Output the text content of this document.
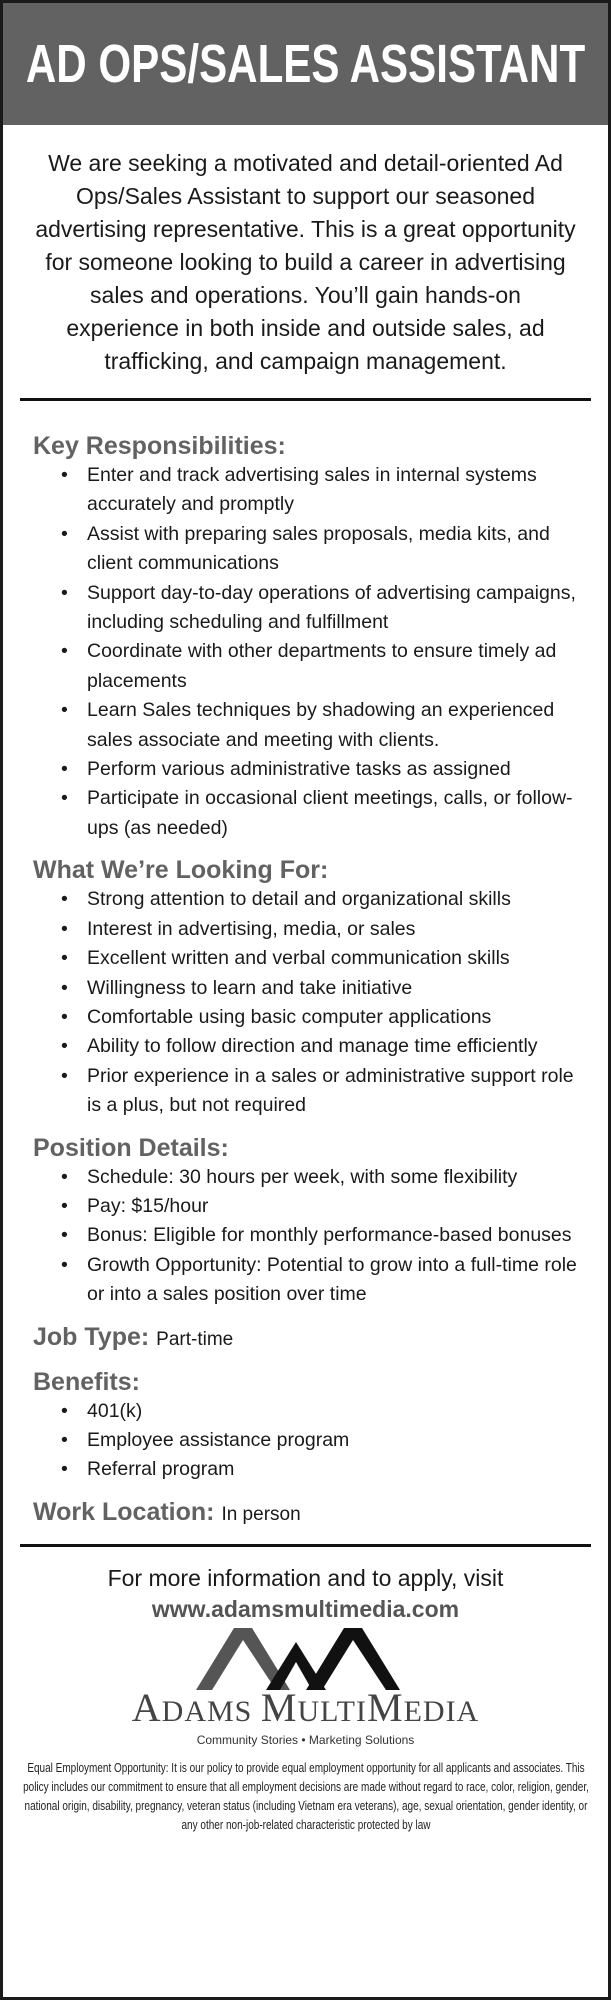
AD OPS/SALES ASSISTANT

We are seeking a motivated and detail-oriented Ad Ops/Sales Assistant to support our seasoned advertising representative. This is a great opportunity for someone looking to build a career in advertising sales and operations. You’ll gain hands-on experience in both inside and outside sales, ad trafficking, and campaign management.

Key Responsibilities:
• Enter and track advertising sales in internal systems accurately and promptly
• Assist with preparing sales proposals, media kits, and client communications
• Support day-to-day operations of advertising campaigns, including scheduling and fulfillment
• Coordinate with other departments to ensure timely ad placements
• Learn Sales techniques by shadowing an experienced sales associate and meeting with clients.
• Perform various administrative tasks as assigned
• Participate in occasional client meetings, calls, or follow-ups (as needed)
What We’re Looking For:
• Strong attention to detail and organizational skills
• Interest in advertising, media, or sales
• Excellent written and verbal communication skills
• Willingness to learn and take initiative
• Comfortable using basic computer applications
• Ability to follow direction and manage time efficiently
• Prior experience in a sales or administrative support role is a plus, but not required
Position Details:
• Schedule: 30 hours per week, with some flexibility
• Pay: $15/hour
• Bonus: Eligible for monthly performance-based bonuses
• Growth Opportunity: Potential to grow into a full-time role or into a sales position over time
Job Type: Part-time
Benefits:
• 401(k)
• Employee assistance program
• Referral program
Work Location: In person
For more information and to apply, visit
www.adamsmultimedia.com
ADAMS MULTIMEDIA
Community Stories • Marketing Solutions

Equal Employment Opportunity: It is our policy to provide equal employment opportunity for all applicants and associates. This policy includes our commitment to ensure that all employment decisions are made without regard to race, color, religion, gender, national origin, disability, pregnancy, veteran status (including Vietnam era veterans), age, sexual orientation, gender identity, or any other non-job-related characteristic protected by law
